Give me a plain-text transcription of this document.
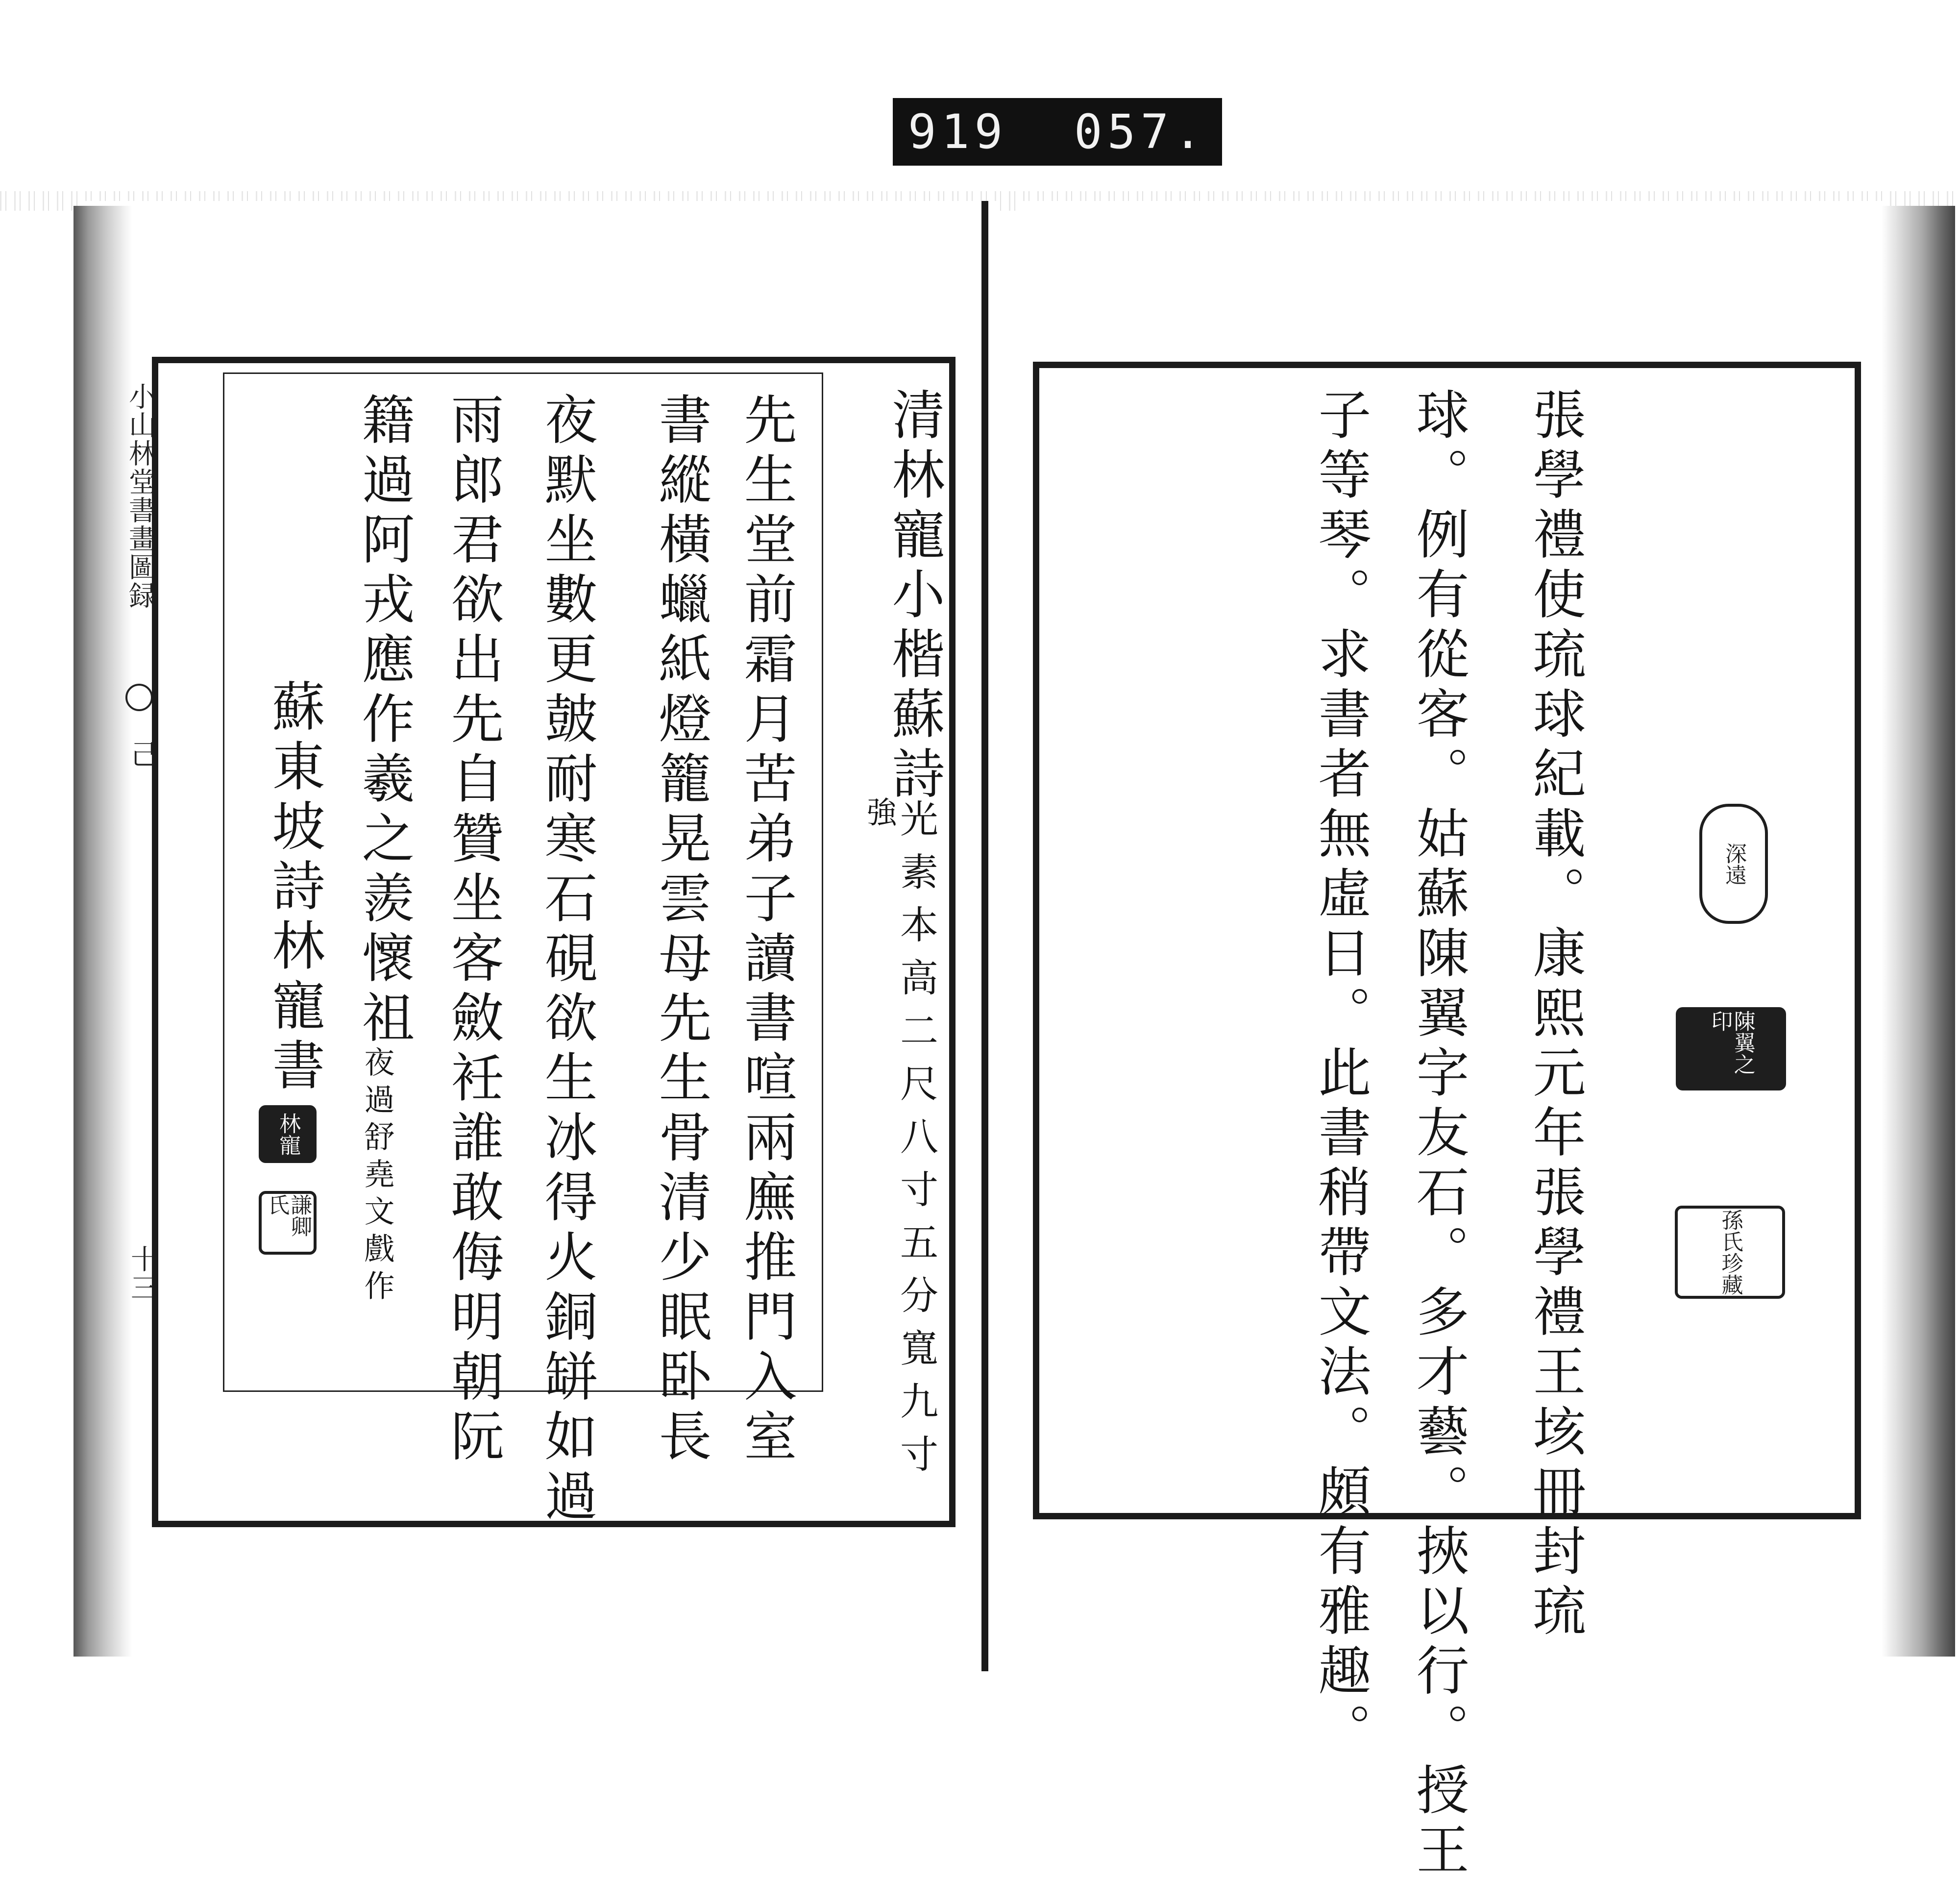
919  057.
小山林堂書畫圖録
己
十三
清林寵小楷蘇詩
光素本高二尺八寸五分寬九寸
強
先生堂前霜月苦弟子讀書喧兩廡推門入室
書縱橫蠟紙燈籠晃雲母先生骨清少眠卧長
夜默坐數更皷耐寒石硯欲生冰得火銅缾如過
雨郎君欲出先自贊坐客斂衽誰敢侮明朝阮
籍過阿戎應作羲之羨懷祖
夜過舒堯文戲作
蘇東坡詩林寵書
林寵
謙卿氏	張學禮使琉球紀載。康熙元年張學禮王垓冊封琉
球。例有從客。姑蘇陳翼字友石。多才藝。挾以行。授王
子等琴。求書者無虛日。此書稍帶文法。頗有雅趣。	深遠
陳翼之印
孫氏珍藏
